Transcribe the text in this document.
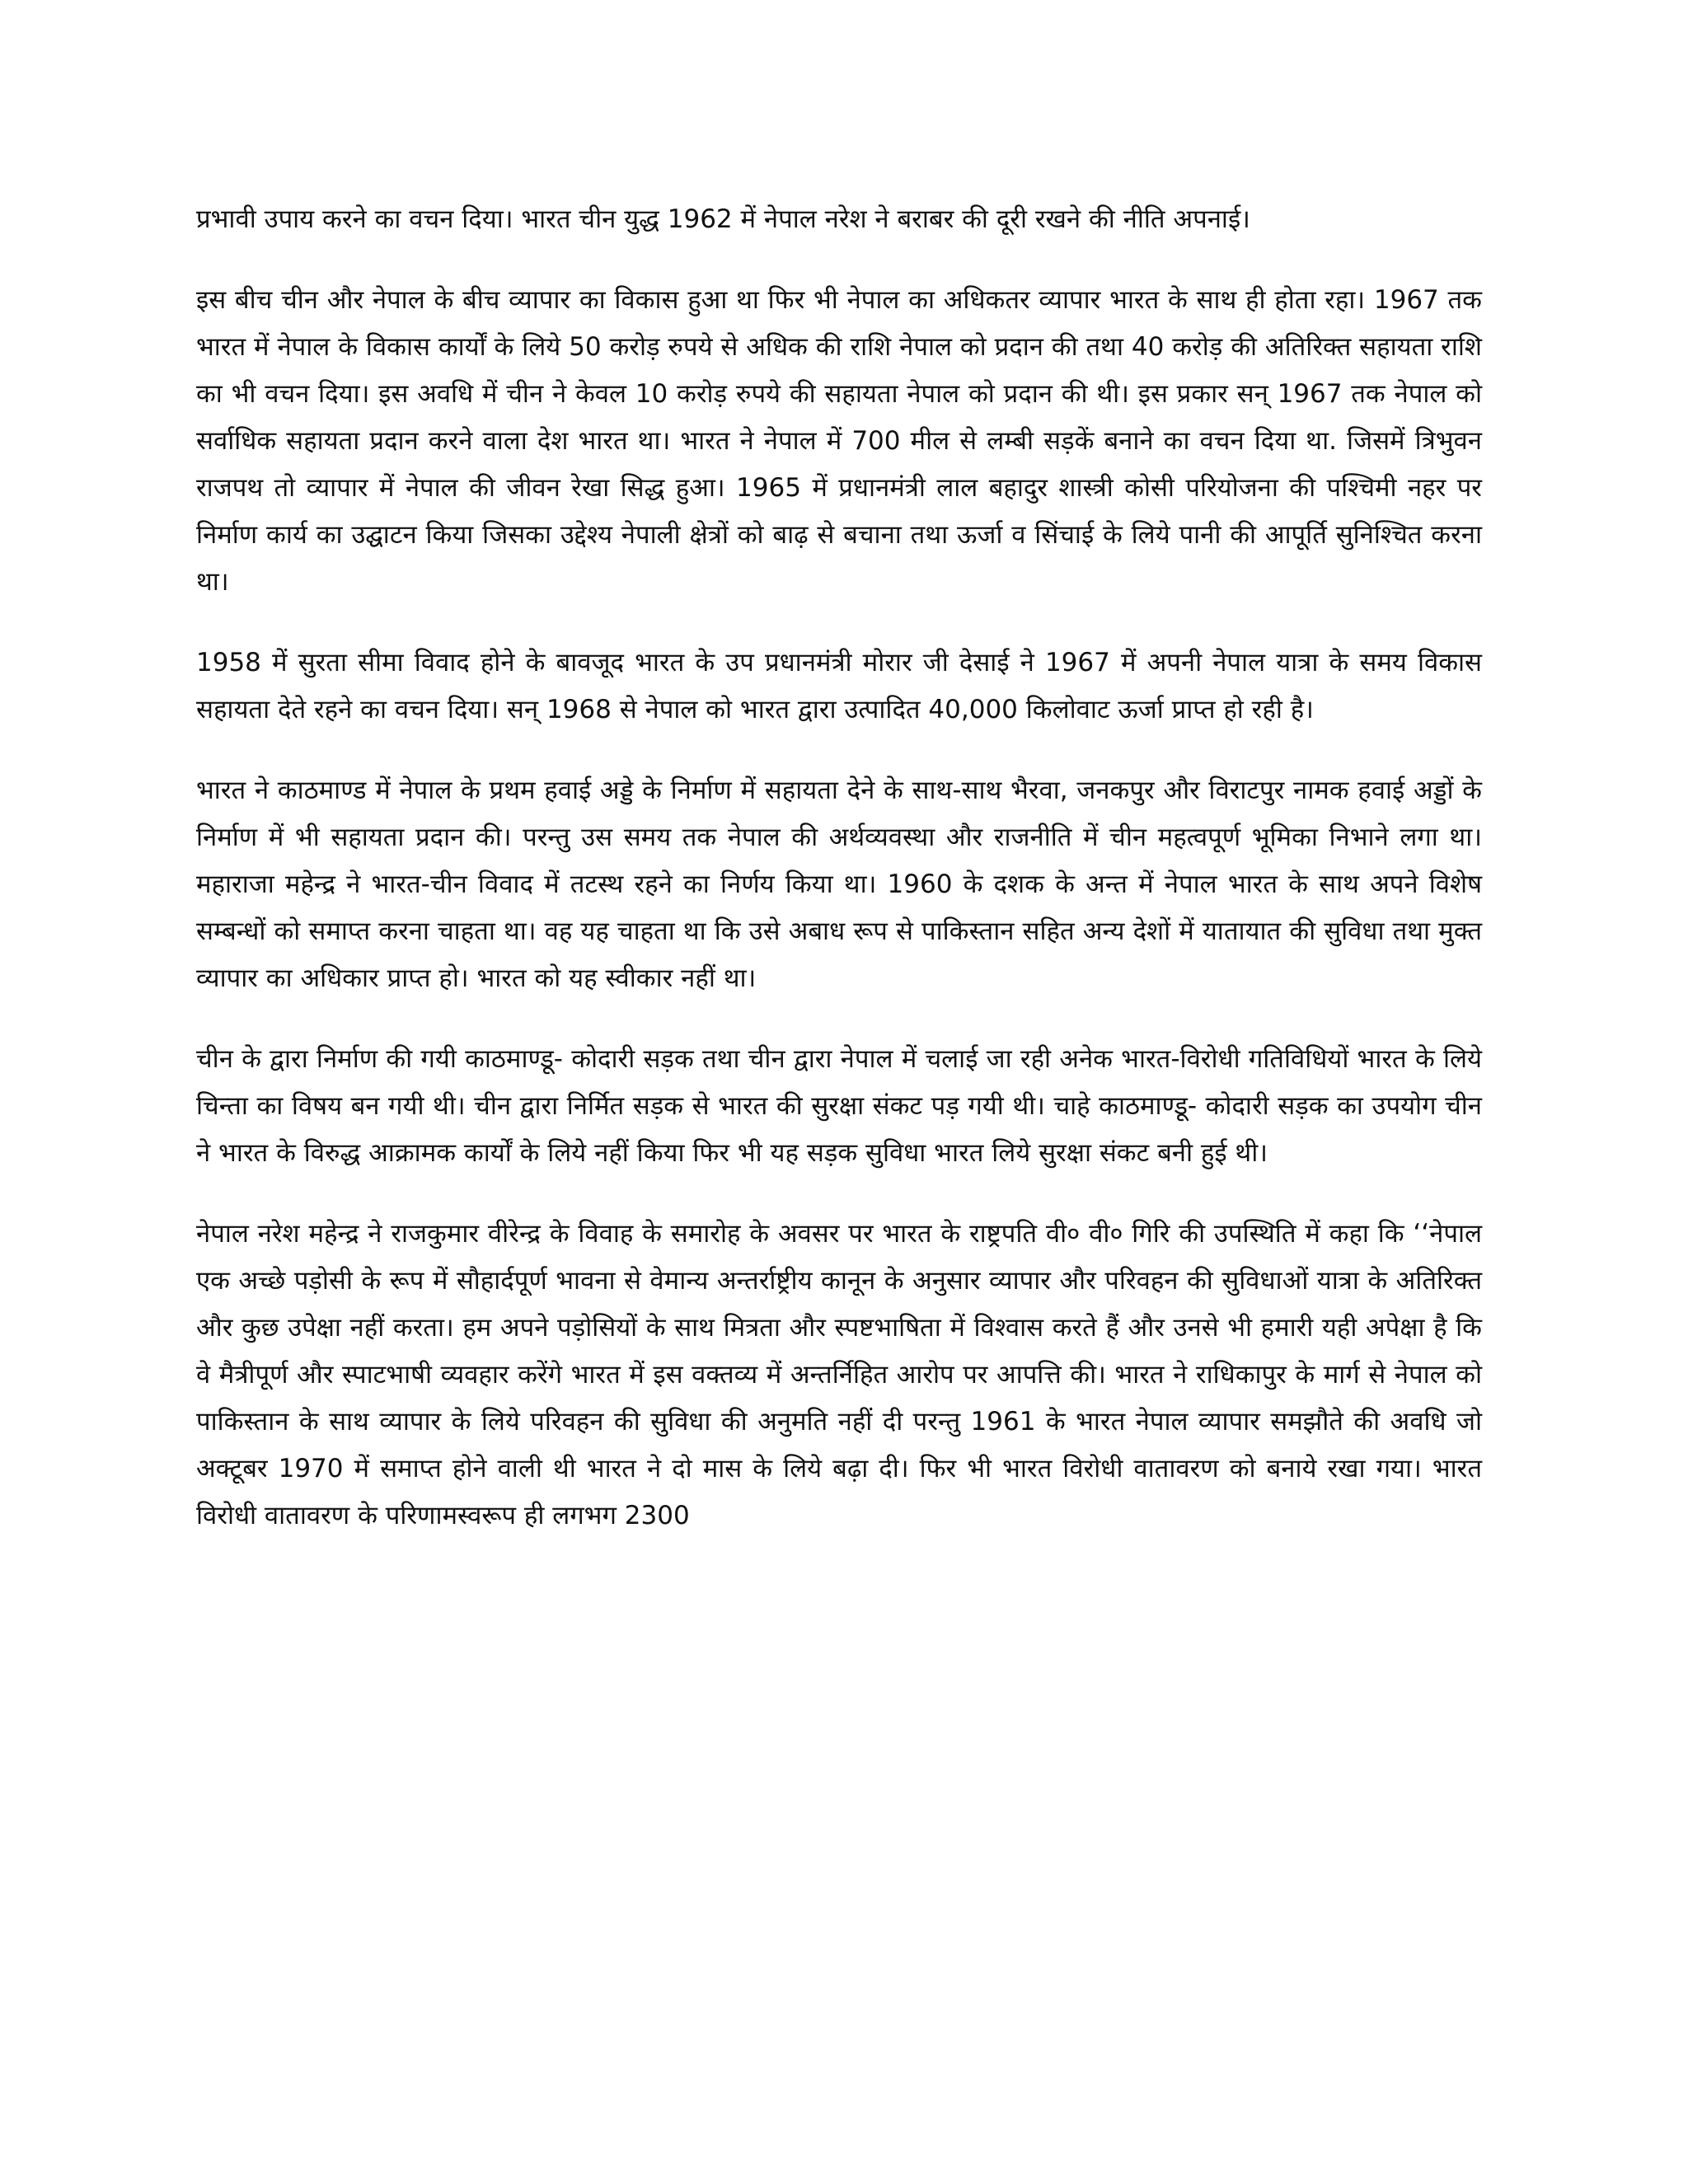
प्रभावी उपाय करने का वचन दिया। भारत चीन युद्ध 1962 में नेपाल नरेश ने बराबर की दूरी रखने की नीति अपनाई।

इस बीच चीन और नेपाल के बीच व्यापार का विकास हुआ था फिर भी नेपाल का अधिकतर व्यापार भारत के साथ ही होता रहा। 1967 तक भारत में नेपाल के विकास कार्यों के लिये 50 करोड़ रुपये से अधिक की राशि नेपाल को प्रदान की तथा 40 करोड़ की अतिरिक्त सहायता राशि का भी वचन दिया। इस अवधि में चीन ने केवल 10 करोड़ रुपये की सहायता नेपाल को प्रदान की थी। इस प्रकार सन् 1967 तक नेपाल को सर्वाधिक सहायता प्रदान करने वाला देश भारत था। भारत ने नेपाल में 700 मील से लम्बी सड़कें बनाने का वचन दिया था. जिसमें त्रिभुवन राजपथ तो व्यापार में नेपाल की जीवन रेखा सिद्ध हुआ। 1965 में प्रधानमंत्री लाल बहादुर शास्त्री कोसी परियोजना की पश्चिमी नहर पर निर्माण कार्य का उद्घाटन किया जिसका उद्देश्य नेपाली क्षेत्रों को बाढ़ से बचाना तथा ऊर्जा व सिंचाई के लिये पानी की आपूर्ति सुनिश्चित करना था।

1958 में सुरता सीमा विवाद होने के बावजूद भारत के उप प्रधानमंत्री मोरार जी देसाई ने 1967 में अपनी नेपाल यात्रा के समय विकास सहायता देते रहने का वचन दिया। सन् 1968 से नेपाल को भारत द्वारा उत्पादित 40,000 किलोवाट ऊर्जा प्राप्त हो रही है।

भारत ने काठमाण्ड में नेपाल के प्रथम हवाई अड्डे के निर्माण में सहायता देने के साथ-साथ भैरवा, जनकपुर और विराटपुर नामक हवाई अड्डों के निर्माण में भी सहायता प्रदान की। परन्तु उस समय तक नेपाल की अर्थव्यवस्था और राजनीति में चीन महत्वपूर्ण भूमिका निभाने लगा था। महाराजा महेन्द्र ने भारत-चीन विवाद में तटस्थ रहने का निर्णय किया था। 1960 के दशक के अन्त में नेपाल भारत के साथ अपने विशेष सम्बन्धों को समाप्त करना चाहता था। वह यह चाहता था कि उसे अबाध रूप से पाकिस्तान सहित अन्य देशों में यातायात की सुविधा तथा मुक्त व्यापार का अधिकार प्राप्त हो। भारत को यह स्वीकार नहीं था।

चीन के द्वारा निर्माण की गयी काठमाण्डू- कोदारी सड़क तथा चीन द्वारा नेपाल में चलाई जा रही अनेक भारत-विरोधी गतिविधियों भारत के लिये चिन्ता का विषय बन गयी थी। चीन द्वारा निर्मित सड़क से भारत की सुरक्षा संकट पड़ गयी थी। चाहे काठमाण्डू- कोदारी सड़क का उपयोग चीन ने भारत के विरुद्ध आक्रामक कार्यों के लिये नहीं किया फिर भी यह सड़क सुविधा भारत लिये सुरक्षा संकट बनी हुई थी।

नेपाल नरेश महेन्द्र ने राजकुमार वीरेन्द्र के विवाह के समारोह के अवसर पर भारत के राष्ट्रपति वी० वी० गिरि की उपस्थिति में कहा कि ‘‘नेपाल एक अच्छे पड़ोसी के रूप में सौहार्दपूर्ण भावना से वेमान्य अन्तर्राष्ट्रीय कानून के अनुसार व्यापार और परिवहन की सुविधाओं यात्रा के अतिरिक्त और कुछ उपेक्षा नहीं करता। हम अपने पड़ोसियों के साथ मित्रता और स्पष्टभाषिता में विश्वास करते हैं और उनसे भी हमारी यही अपेक्षा है कि वे मैत्रीपूर्ण और स्पाटभाषी व्यवहार करेंगे भारत में इस वक्तव्य में अन्तर्निहित आरोप पर आपत्ति की। भारत ने राधिकापुर के मार्ग से नेपाल को पाकिस्तान के साथ व्यापार के लिये परिवहन की सुविधा की अनुमति नहीं दी परन्तु 1961 के भारत नेपाल व्यापार समझौते की अवधि जो अक्टूबर 1970 में समाप्त होने वाली थी भारत ने दो मास के लिये बढ़ा दी। फिर भी भारत विरोधी वातावरण को बनाये रखा गया। भारत विरोधी वातावरण के परिणामस्वरूप ही लगभग 2300
